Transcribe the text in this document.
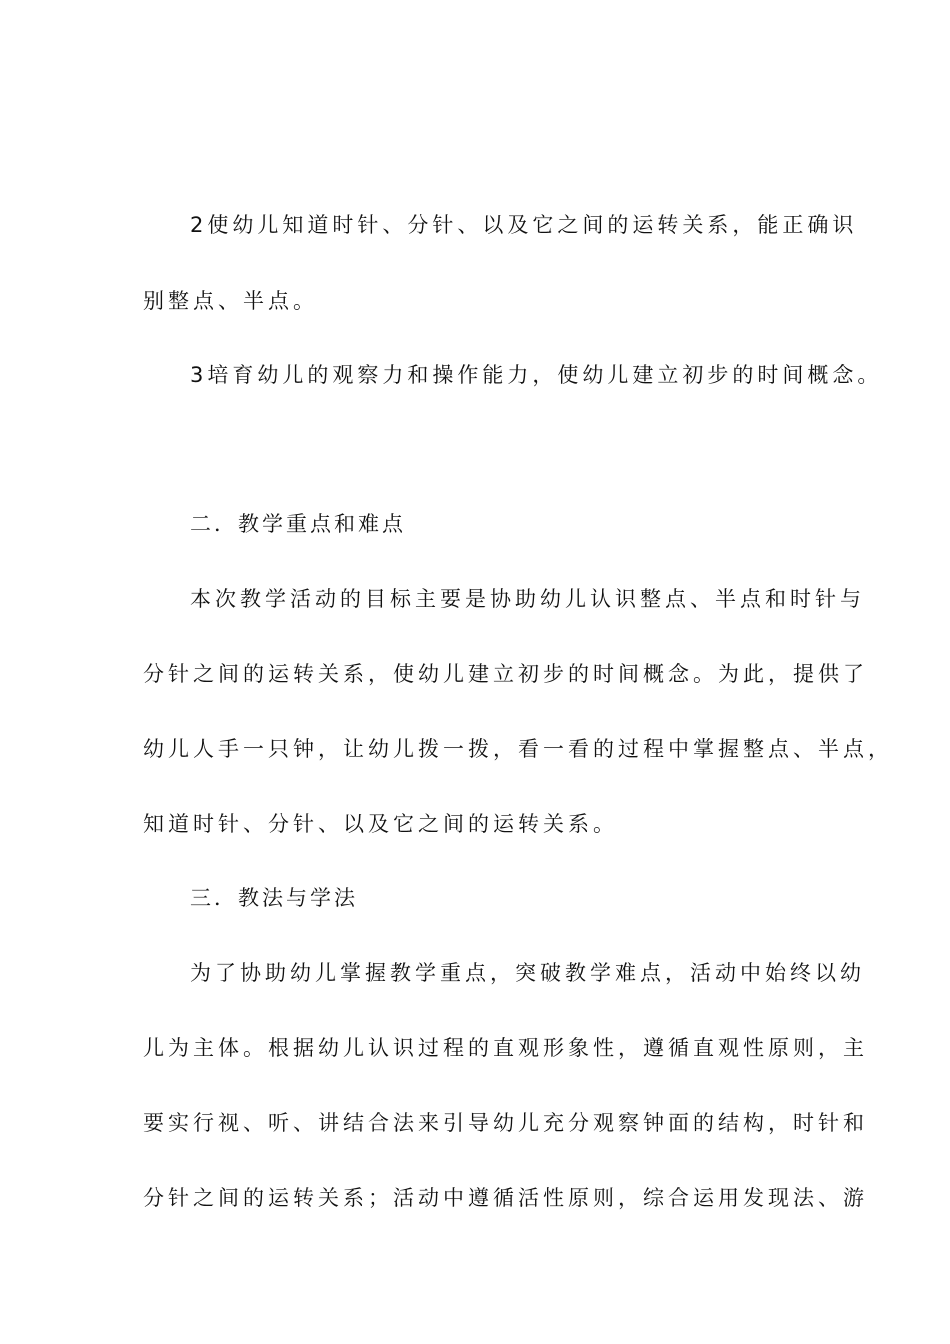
2使幼儿知道时针、分针、以及它之间的运转关系，能正确识
别整点、半点。
3培育幼儿的观察力和操作能力，使幼儿建立初步的时间概念。
二．教学重点和难点
本次教学活动的目标主要是协助幼儿认识整点、半点和时针与
分针之间的运转关系，使幼儿建立初步的时间概念。为此，提供了
幼儿人手一只钟，让幼儿拨一拨，看一看的过程中掌握整点、半点，
知道时针、分针、以及它之间的运转关系。
三．教法与学法
为了协助幼儿掌握教学重点，突破教学难点，活动中始终以幼
儿为主体。根据幼儿认识过程的直观形象性，遵循直观性原则，主
要实行视、听、讲结合法来引导幼儿充分观察钟面的结构，时针和
分针之间的运转关系；活动中遵循活性原则，综合运用发现法、游
